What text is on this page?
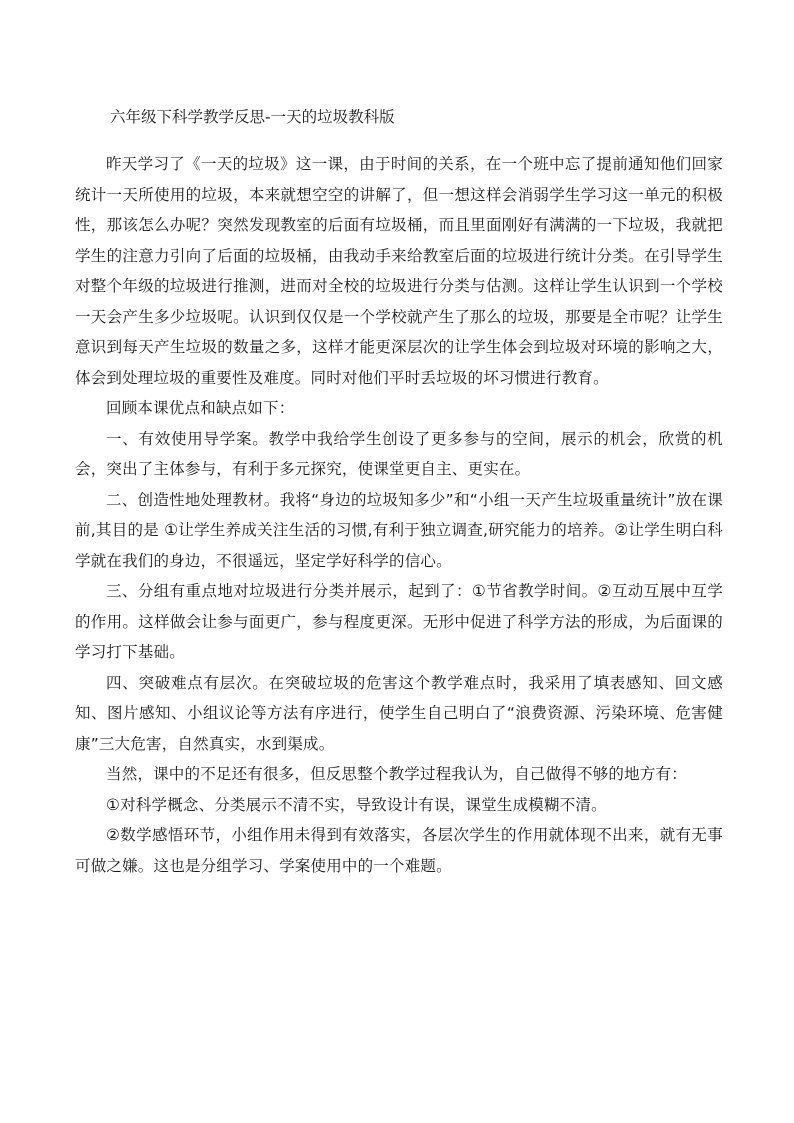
六年级下科学教学反思-一天的垃圾教科版

昨天学习了《一天的垃圾》这一课，由于时间的关系，在一个班中忘了提前通知他们回家统计一天所使用的垃圾，本来就想空空的讲解了，但一想这样会消弱学生学习这一单元的积极性，那该怎么办呢？突然发现教室的后面有垃圾桶，而且里面刚好有满满的一下垃圾，我就把学生的注意力引向了后面的垃圾桶，由我动手来给教室后面的垃圾进行统计分类。在引导学生对整个年级的垃圾进行推测，进而对全校的垃圾进行分类与估测。这样让学生认识到一个学校一天会产生多少垃圾呢。认识到仅仅是一个学校就产生了那么的垃圾，那要是全市呢？让学生意识到每天产生垃圾的数量之多，这样才能更深层次的让学生体会到垃圾对环境的影响之大，体会到处理垃圾的重要性及难度。同时对他们平时丢垃圾的坏习惯进行教育。

回顾本课优点和缺点如下：

一、有效使用导学案。教学中我给学生创设了更多参与的空间，展示的机会，欣赏的机会，突出了主体参与，有利于多元探究，使课堂更自主、更实在。

二、创造性地处理教材。我将“身边的垃圾知多少”和“小组一天产生垃圾重量统计”放在课前,其目的是 ①让学生养成关注生活的习惯,有利于独立调查,研究能力的培养。②让学生明白科学就在我们的身边，不很遥远，坚定学好科学的信心。

三、分组有重点地对垃圾进行分类并展示，起到了：①节省教学时间。②互动互展中互学的作用。这样做会让参与面更广，参与程度更深。无形中促进了科学方法的形成，为后面课的学习打下基础。

四、突破难点有层次。在突破垃圾的危害这个教学难点时，我采用了填表感知、回文感知、图片感知、小组议论等方法有序进行，使学生自己明白了“浪费资源、污染环境、危害健康”三大危害，自然真实，水到渠成。

当然，课中的不足还有很多，但反思整个教学过程我认为，自己做得不够的地方有：

①对科学概念、分类展示不清不实，导致设计有误，课堂生成模糊不清。

②数学感悟环节，小组作用未得到有效落实，各层次学生的作用就体现不出来，就有无事可做之嫌。这也是分组学习、学案使用中的一个难题。
